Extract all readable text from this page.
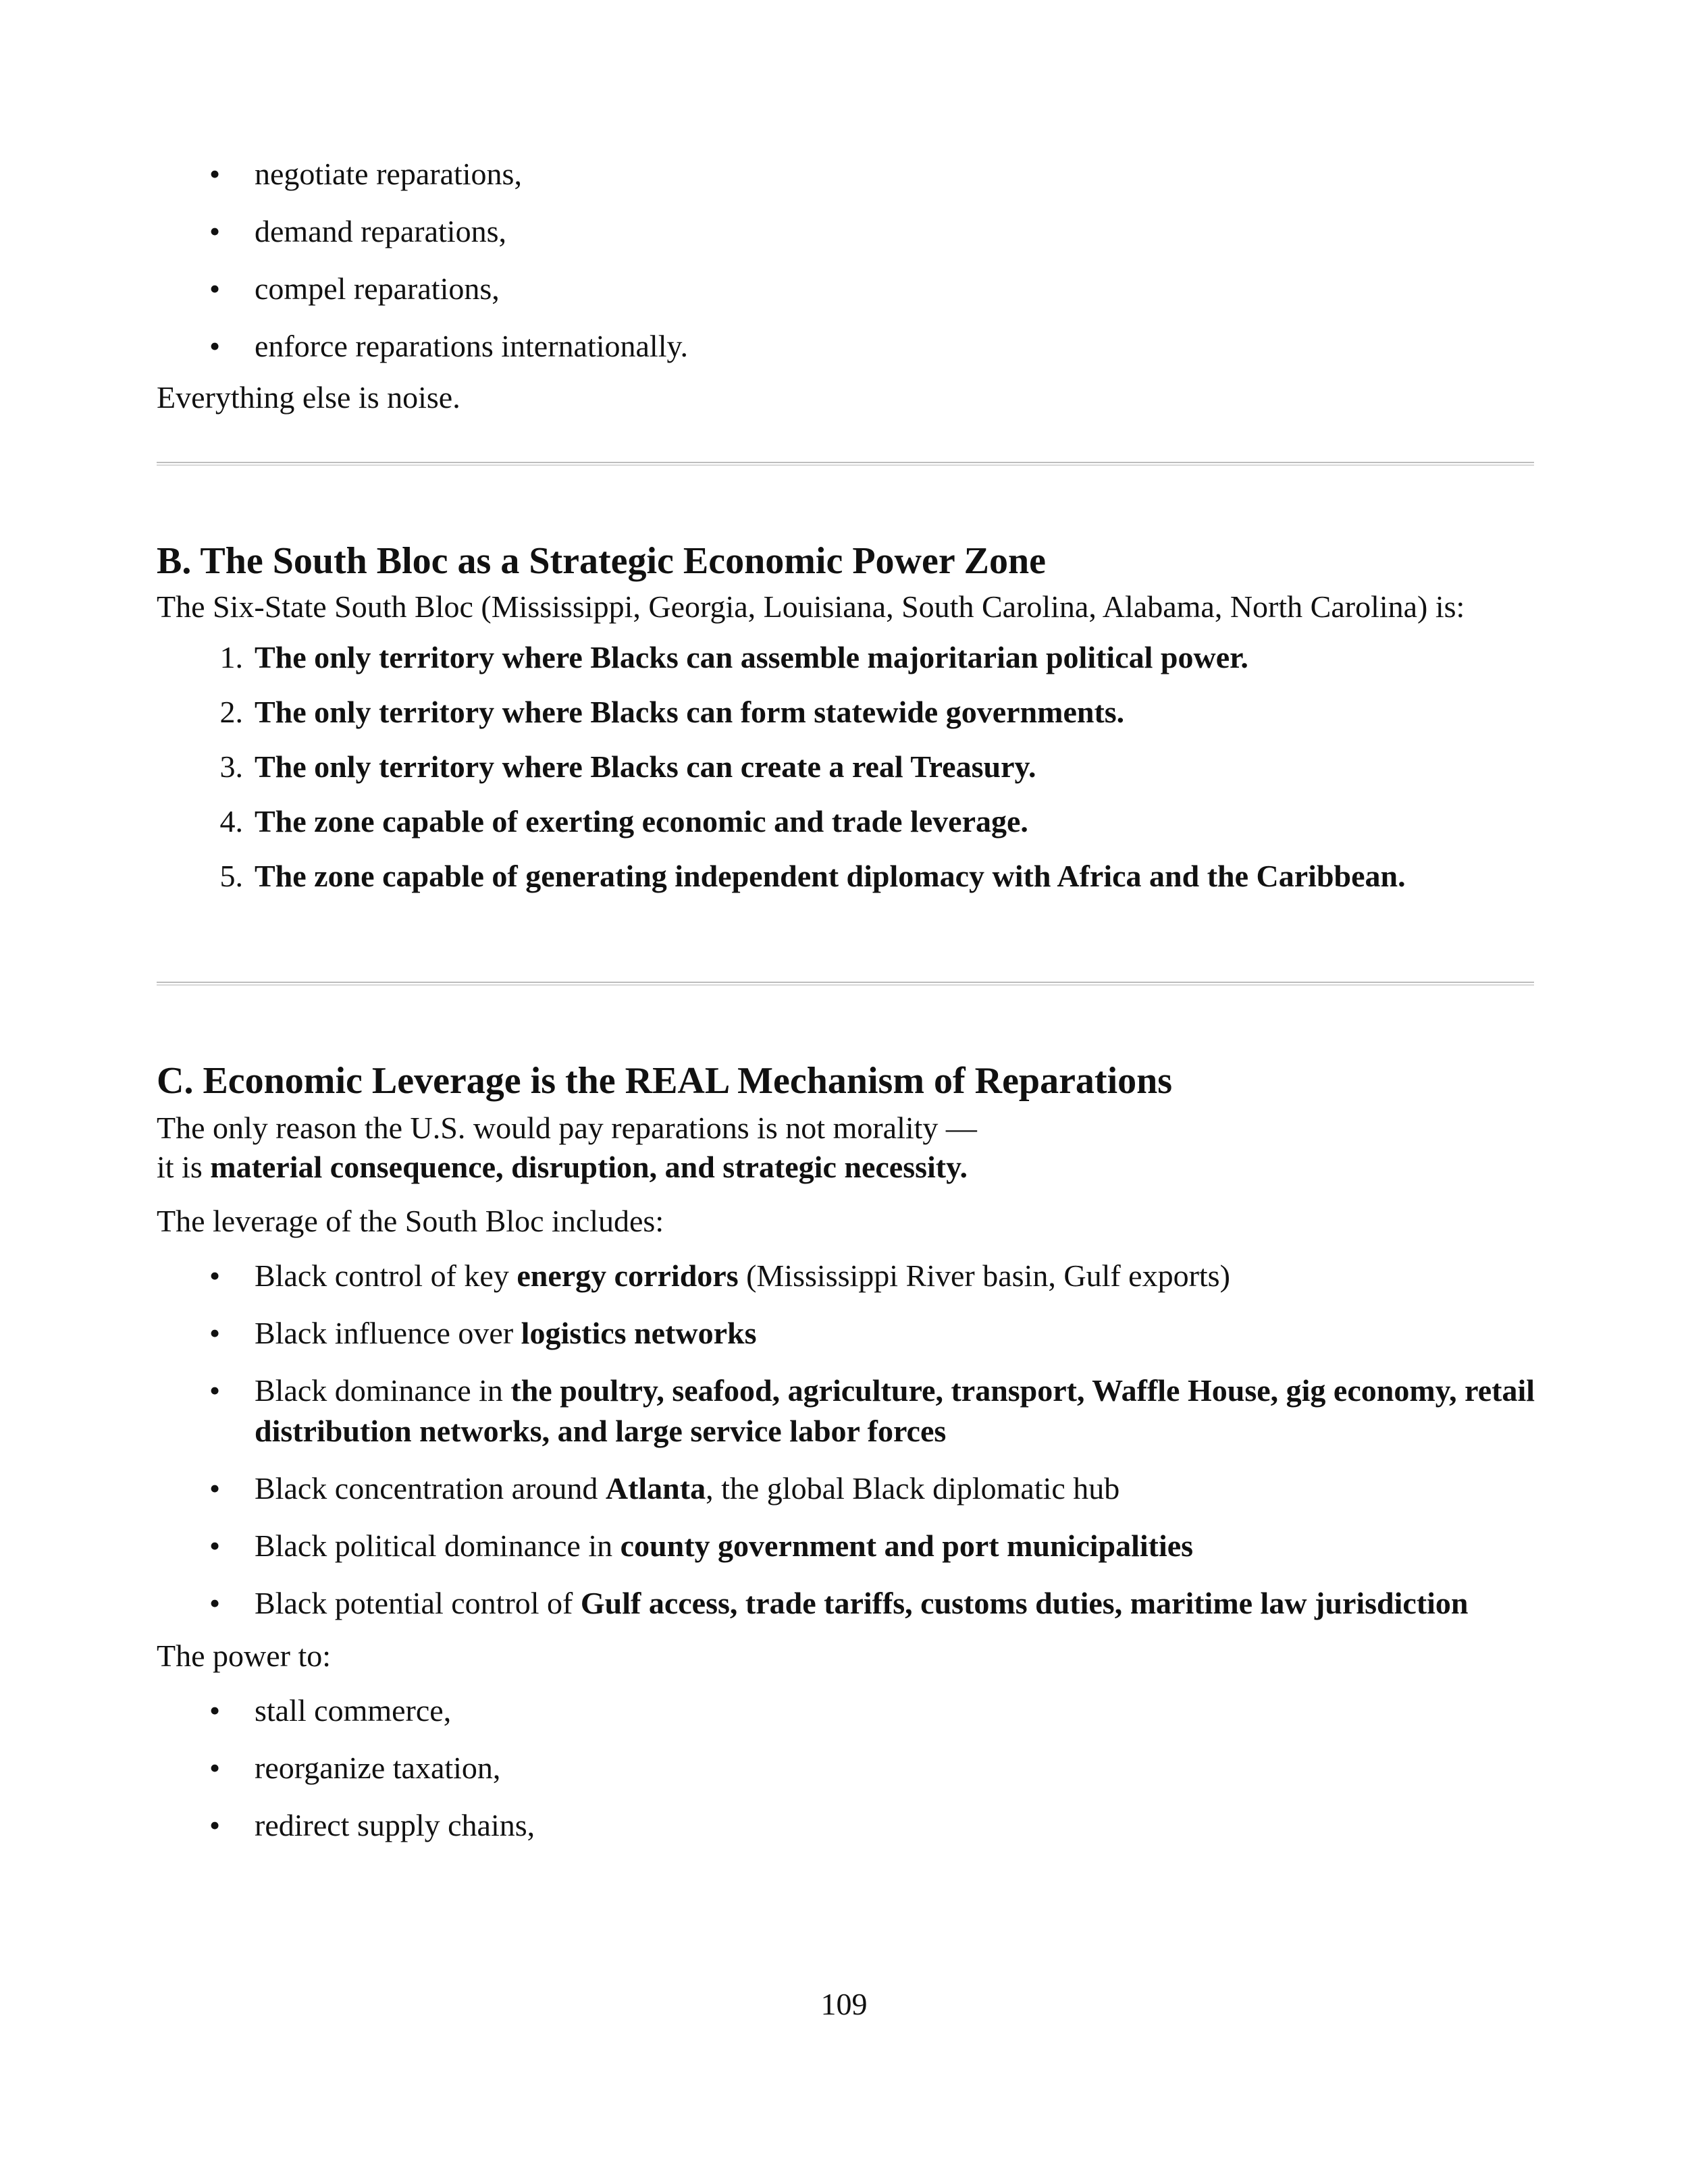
• negotiate reparations,
• demand reparations,
• compel reparations,
• enforce reparations internationally.
Everything else is noise.
B. The South Bloc as a Strategic Economic Power Zone
The Six-State South Bloc (Mississippi, Georgia, Louisiana, South Carolina, Alabama, North Carolina) is:
1. The only territory where Blacks can assemble majoritarian political power.
2. The only territory where Blacks can form statewide governments.
3. The only territory where Blacks can create a real Treasury.
4. The zone capable of exerting economic and trade leverage.
5. The zone capable of generating independent diplomacy with Africa and the Caribbean.
C. Economic Leverage is the REAL Mechanism of Reparations
The only reason the U.S. would pay reparations is not morality —
it is material consequence, disruption, and strategic necessity.
The leverage of the South Bloc includes:
• Black control of key energy corridors (Mississippi River basin, Gulf exports)
• Black influence over logistics networks
• Black dominance in the poultry, seafood, agriculture, transport, Waffle House, gig economy, retail distribution networks, and large service labor forces
• Black concentration around Atlanta, the global Black diplomatic hub
• Black political dominance in county government and port municipalities
• Black potential control of Gulf access, trade tariffs, customs duties, maritime law jurisdiction
The power to:
• stall commerce,
• reorganize taxation,
• redirect supply chains,
109
